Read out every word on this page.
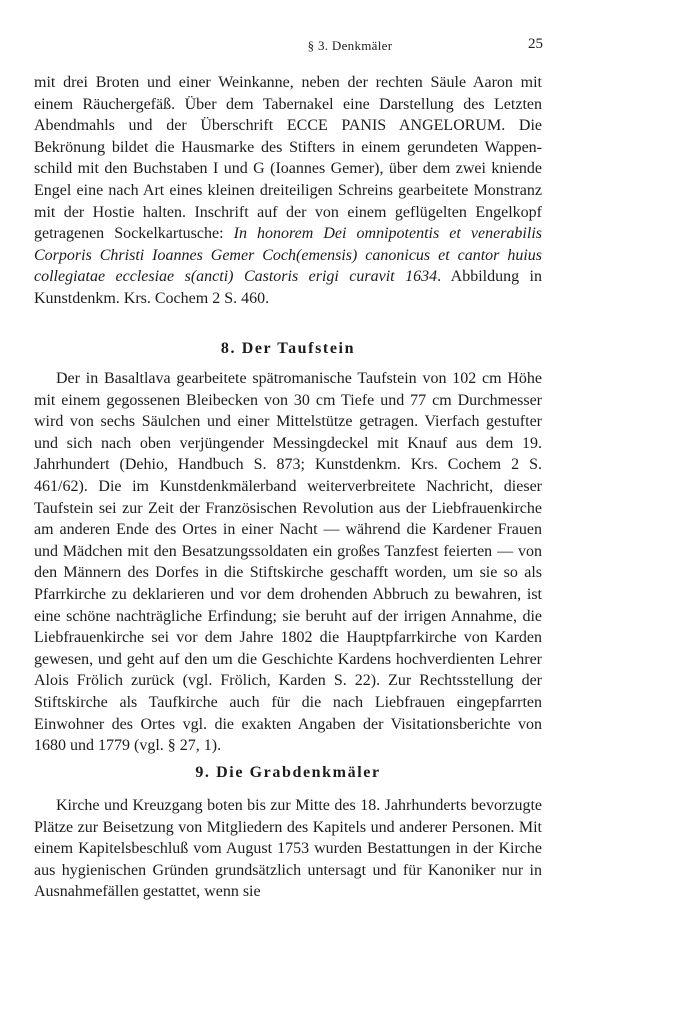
§ 3. Denkmäler	25

mit drei Broten und einer Weinkanne, neben der rechten Säule Aaron mit einem Räuchergefäß. Über dem Tabernakel eine Darstellung des Letzten Abendmahls und der Überschrift ECCE PANIS ANGELORUM. Die Bekrönung bildet die Hausmarke des Stifters in einem gerundeten Wappenschild mit den Buchstaben I und G (Ioannes Gemer), über dem zwei kniende Engel eine nach Art eines kleinen dreiteiligen Schreins gearbeitete Monstranz mit der Hostie halten. Inschrift auf der von einem geflügelten Engelkopf getragenen Sockelkartusche: In honorem Dei omnipotentis et venerabilis Corporis Christi Ioannes Gemer Coch(emensis) canonicus et cantor huius collegiatae ecclesiae s(ancti) Castoris erigi curavit 1634. Abbildung in Kunstdenkm. Krs. Cochem 2 S. 460.

8. Der Taufstein

Der in Basaltlava gearbeitete spätromanische Taufstein von 102 cm Höhe mit einem gegossenen Bleibecken von 30 cm Tiefe und 77 cm Durchmesser wird von sechs Säulchen und einer Mittelstütze getragen. Vierfach gestufter und sich nach oben verjüngender Messingdeckel mit Knauf aus dem 19. Jahrhundert (Dehio, Handbuch S. 873; Kunstdenkm. Krs. Cochem 2 S. 461/62). Die im Kunstdenkmälerband weiterverbreitete Nachricht, dieser Taufstein sei zur Zeit der Französischen Revolution aus der Liebfrauenkirche am anderen Ende des Ortes in einer Nacht — während die Kardener Frauen und Mädchen mit den Besatzungssoldaten ein großes Tanzfest feierten — von den Männern des Dorfes in die Stiftskirche geschafft worden, um sie so als Pfarrkirche zu deklarieren und vor dem drohenden Abbruch zu bewahren, ist eine schöne nachträgliche Erfindung; sie beruht auf der irrigen Annahme, die Liebfrauenkirche sei vor dem Jahre 1802 die Hauptpfarrkirche von Karden gewesen, und geht auf den um die Geschichte Kardens hochverdienten Lehrer Alois Frölich zurück (vgl. Frölich, Karden S. 22). Zur Rechtsstellung der Stiftskirche als Taufkirche auch für die nach Liebfrauen eingepfarrten Einwohner des Ortes vgl. die exakten Angaben der Visitationsberichte von 1680 und 1779 (vgl. § 27, 1).

9. Die Grabdenkmäler

Kirche und Kreuzgang boten bis zur Mitte des 18. Jahrhunderts bevorzugte Plätze zur Beisetzung von Mitgliedern des Kapitels und anderer Personen. Mit einem Kapitelsbeschluß vom August 1753 wurden Bestattungen in der Kirche aus hygienischen Gründen grundsätzlich untersagt und für Kanoniker nur in Ausnahmefällen gestattet, wenn sie
